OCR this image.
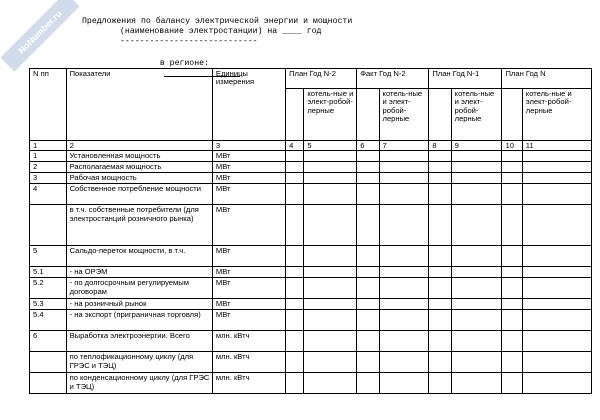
NoNumber.ru	Предложения по балансу электрической энергии и мощности
(наименование электростанции) на ____ год
----------------------------

в регионе:

N пп	Показатели	Единицы измерения	План Год N-2		Факт Год N-2		План Год N-1		План Год N	
				котель-ные и элект-робой-лерные		котель-ные и элект-робой-лерные		котель-ные и элект-робой-лерные		котель-ные и элект-робой-лерные
1	2	3	4	5	6	7	8	9	10	11
1	Установленная мощность	МВт								
2	Располагаемая мощность	МВт								
3	Рабочая мощность	МВт								
4	Собственное потребление мощности	МВт								
	в т.ч. собственные потребители (для электростанций розничного рынка)	МВт								
5	Сальдо-переток мощности, в т.ч.	МВт								
5.1	- на ОРЭМ	МВт								
5.2	- по долгосрочным регулируемым договорам	МВт								
5.3	- на розничный рынок	МВт								
5.4	- на экспорт (приграничная торговля)	МВт								
6	Выработка электроэнергии. Всего	млн. кВтч								
	по теплофикационному циклу (для ГРЭС и ТЭЦ)	млн. кВтч								
	по конденсационному циклу (для ГРЭС и ТЭЦ)	млн. кВтч								
